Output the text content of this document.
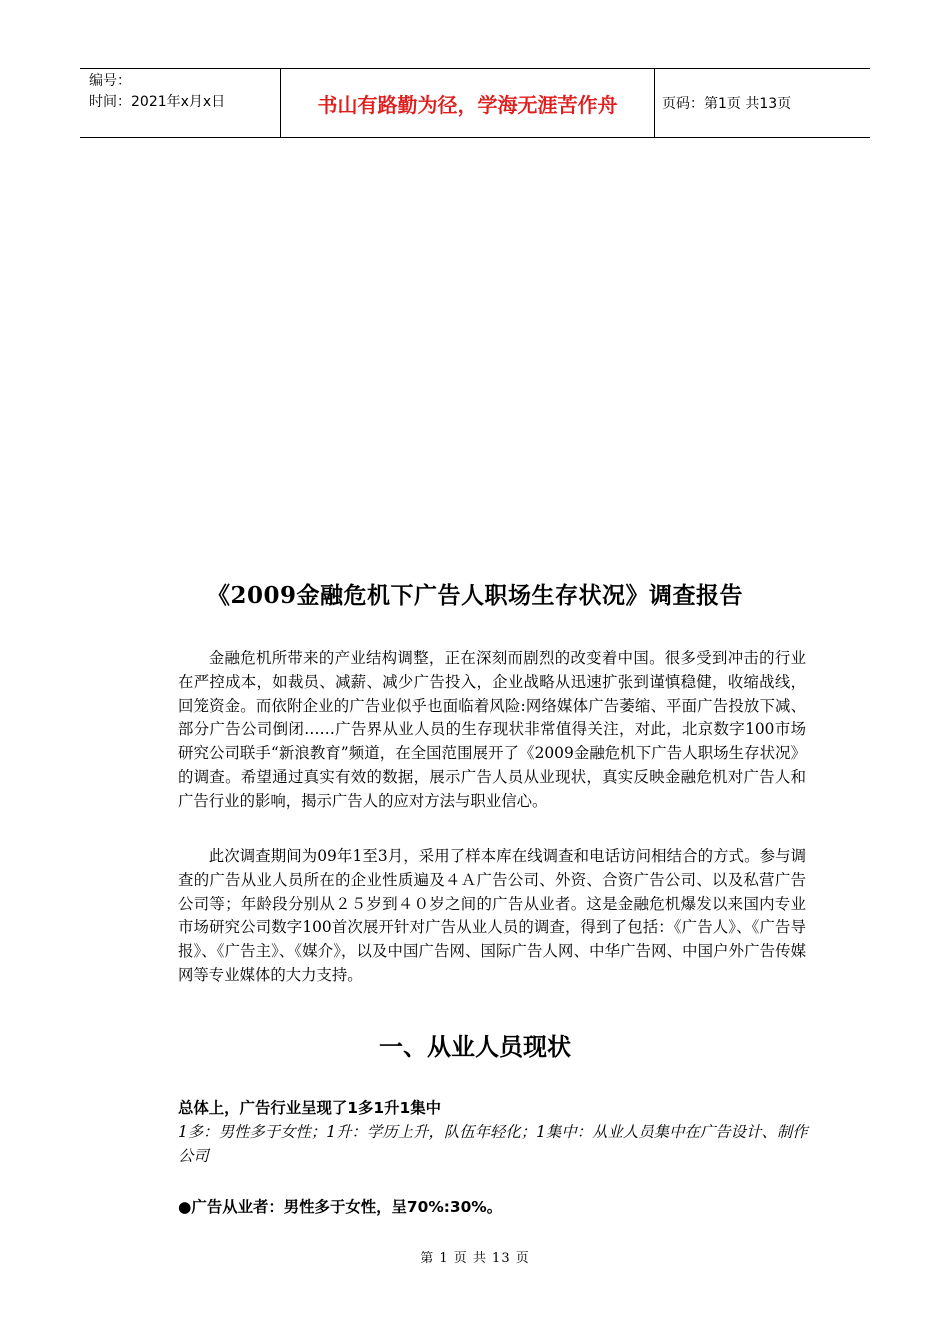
编号：
时间：2021年x月x日	书山有路勤为径，学海无涯苦作舟	页码：第1页 共13页
《2009金融危机下广告人职场生存状况》调查报告

金融危机所带来的产业结构调整，正在深刻而剧烈的改变着中国。很多受到冲击的行业在严控成本，如裁员、减薪、减少广告投入，企业战略从迅速扩张到谨慎稳健，收缩战线，回笼资金。而依附企业的广告业似乎也面临着风险:网络媒体广告萎缩、平面广告投放下减、部分广告公司倒闭……广告界从业人员的生存现状非常值得关注，对此，北京数字100市场研究公司联手“新浪教育”频道，在全国范围展开了《2009金融危机下广告人职场生存状况》的调查。希望通过真实有效的数据，展示广告人员从业现状，真实反映金融危机对广告人和广告行业的影响，揭示广告人的应对方法与职业信心。

此次调查期间为09年1至3月，采用了样本库在线调查和电话访问相结合的方式。参与调查的广告从业人员所在的企业性质遍及４Ａ广告公司、外资、合资广告公司、以及私营广告公司等；年龄段分别从２５岁到４０岁之间的广告从业者。这是金融危机爆发以来国内专业市场研究公司数字100首次展开针对广告从业人员的调查，得到了包括：《广告人》、《广告导报》、《广告主》、《媒介》，以及中国广告网、国际广告人网、中华广告网、中国户外广告传媒网等专业媒体的大力支持。

一、从业人员现状

总体上，广告行业呈现了1多1升1集中

1多：男性多于女性；1升：学历上升，队伍年轻化；1集中：从业人员集中在广告设计、制作公司

●广告从业者：男性多于女性，呈70%:30%。

第 1 页 共 13 页
